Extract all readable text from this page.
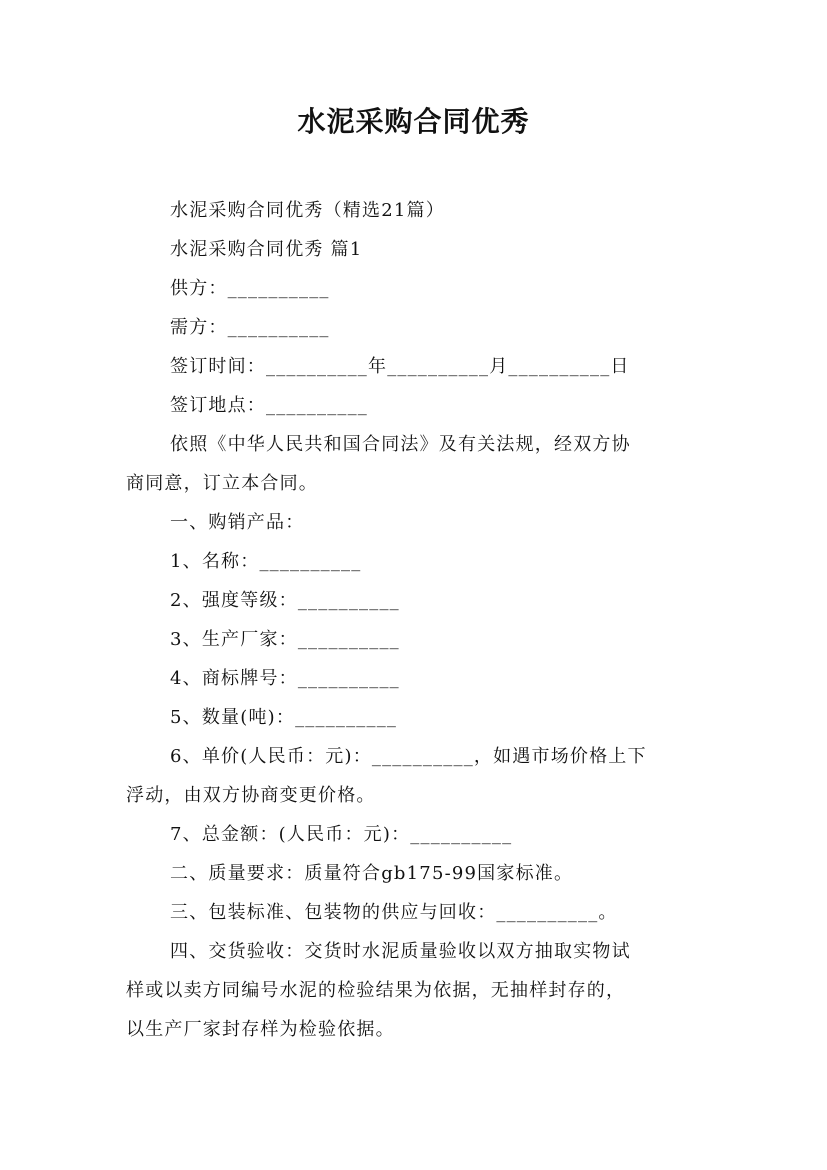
水泥采购合同优秀
水泥采购合同优秀（精选21篇）
水泥采购合同优秀 篇1
供方：__________
需方：__________
签订时间：__________年__________月__________日
签订地点：__________
依照《中华人民共和国合同法》及有关法规，经双方协
商同意，订立本合同。
一、购销产品：
1、名称：__________
2、强度等级：__________
3、生产厂家：__________
4、商标牌号：__________
5、数量(吨)：__________
6、单价(人民币：元)：__________，如遇市场价格上下
浮动，由双方协商变更价格。
7、总金额：(人民币：元)：__________
二、质量要求：质量符合gb175-99国家标准。
三、包装标准、包装物的供应与回收：__________。
四、交货验收：交货时水泥质量验收以双方抽取实物试
样或以卖方同编号水泥的检验结果为依据，无抽样封存的，
以生产厂家封存样为检验依据。
